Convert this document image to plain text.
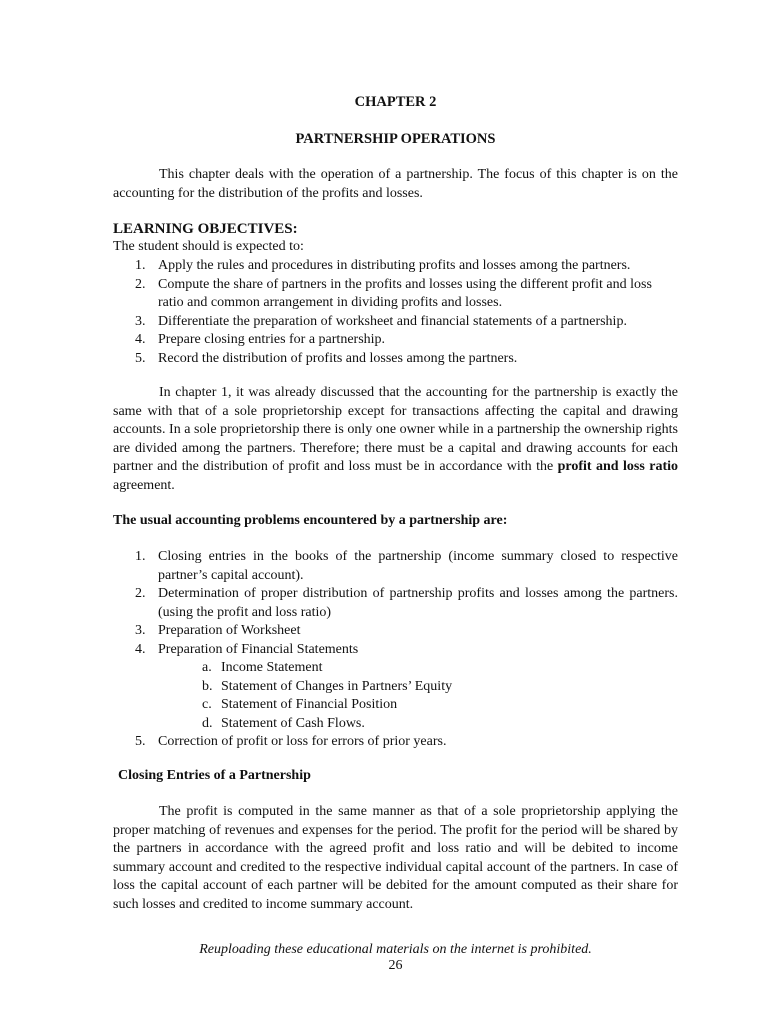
CHAPTER 2
PARTNERSHIP OPERATIONS

This chapter deals with the operation of a partnership. The focus of this chapter is on the accounting for the distribution of the profits and losses.

LEARNING OBJECTIVES:
The student should is expected to:
1. Apply the rules and procedures in distributing profits and losses among the partners.
2. Compute the share of partners in the profits and losses using the different profit and loss ratio and common arrangement in dividing profits and losses.
3. Differentiate the preparation of worksheet and financial statements of a partnership.
4. Prepare closing entries for a partnership.
5. Record the distribution of profits and losses among the partners.

In chapter 1, it was already discussed that the accounting for the partnership is exactly the same with that of a sole proprietorship except for transactions affecting the capital and drawing accounts. In a sole proprietorship there is only one owner while in a partnership the ownership rights are divided among the partners. Therefore; there must be a capital and drawing accounts for each partner and the distribution of profit and loss must be in accordance with the profit and loss ratio agreement.

The usual accounting problems encountered by a partnership are:
1. Closing entries in the books of the partnership (income summary closed to respective partner’s capital account).
2. Determination of proper distribution of partnership profits and losses among the partners. (using the profit and loss ratio)
3. Preparation of Worksheet
4. Preparation of Financial Statements
a. Income Statement
b. Statement of Changes in Partners’ Equity
c. Statement of Financial Position
d. Statement of Cash Flows.
5. Correction of profit or loss for errors of prior years.
Closing Entries of a Partnership

The profit is computed in the same manner as that of a sole proprietorship applying the proper matching of revenues and expenses for the period. The profit for the period will be shared by the partners in accordance with the agreed profit and loss ratio and will be debited to income summary account and credited to the respective individual capital account of the partners. In case of loss the capital account of each partner will be debited for the amount computed as their share for such losses and credited to income summary account.

Reuploading these educational materials on the internet is prohibited.
26
